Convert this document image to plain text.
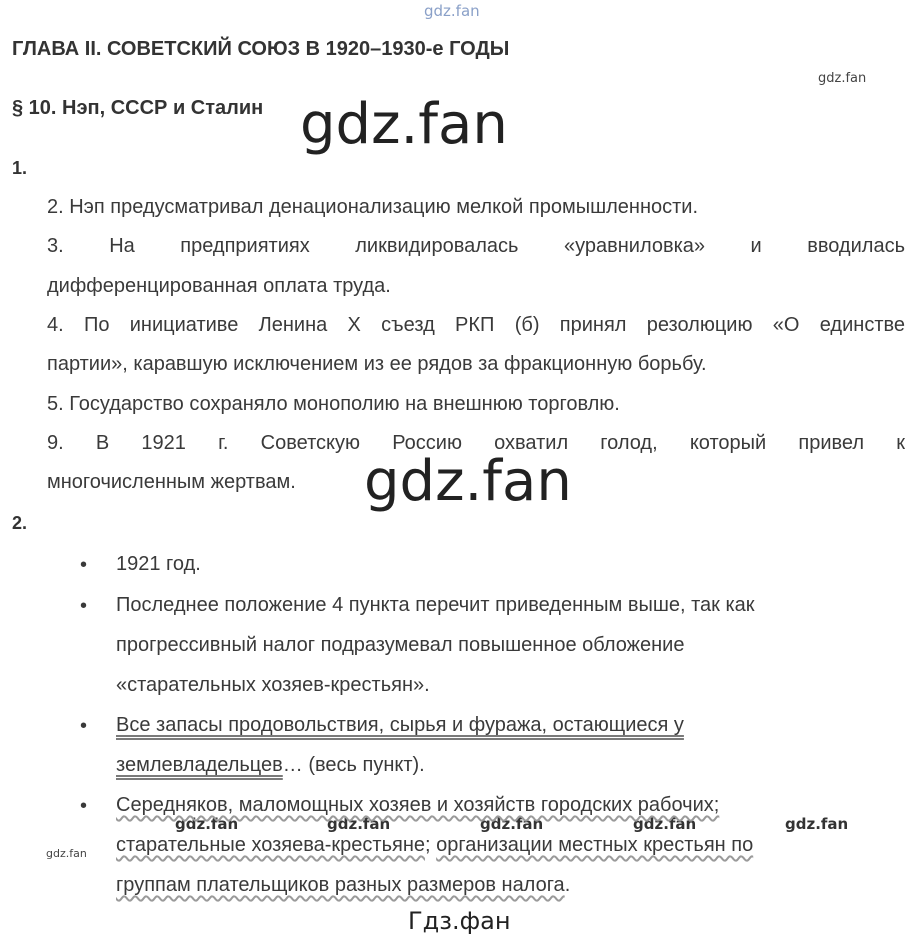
gdz.fan
gdz.fan
gdz.fan
gdz.fan
gdz.fan	gdz.fan	gdz.fan	gdz.fan	gdz.fan
gdz.fan
Гдз.фан
ГЛАВА II. СОВЕТСКИЙ СОЮЗ В 1920–1930-е ГОДЫ
§ 10. Нэп, СССР и Сталин
1.
2. Нэп предусматривал денационализацию мелкой промышленности.
3. На предприятиях ликвидировалась «уравниловка» и вводилась
дифференцированная оплата труда.
4. По инициативе Ленина X съезд РКП (б) принял резолюцию «О единстве
партии», каравшую исключением из ее рядов за фракционную борьбу.
5. Государство сохраняло монополию на внешнюю торговлю.
9. В 1921 г. Советскую Россию охватил голод, который привел к
многочисленным жертвам.
2.
• 1921 год.
• Последнее положение 4 пункта перечит приведенным выше, так как
прогрессивный налог подразумевал повышенное обложение
«старательных хозяев-крестьян».
• Все запасы продовольствия, сырья и фуража, остающиеся у
землевладельцев… (весь пункт).
• Середняков, маломощных хозяев и хозяйств городских рабочих;
старательные хозяева-крестьяне; организации местных крестьян по
группам плательщиков разных размеров налога.
